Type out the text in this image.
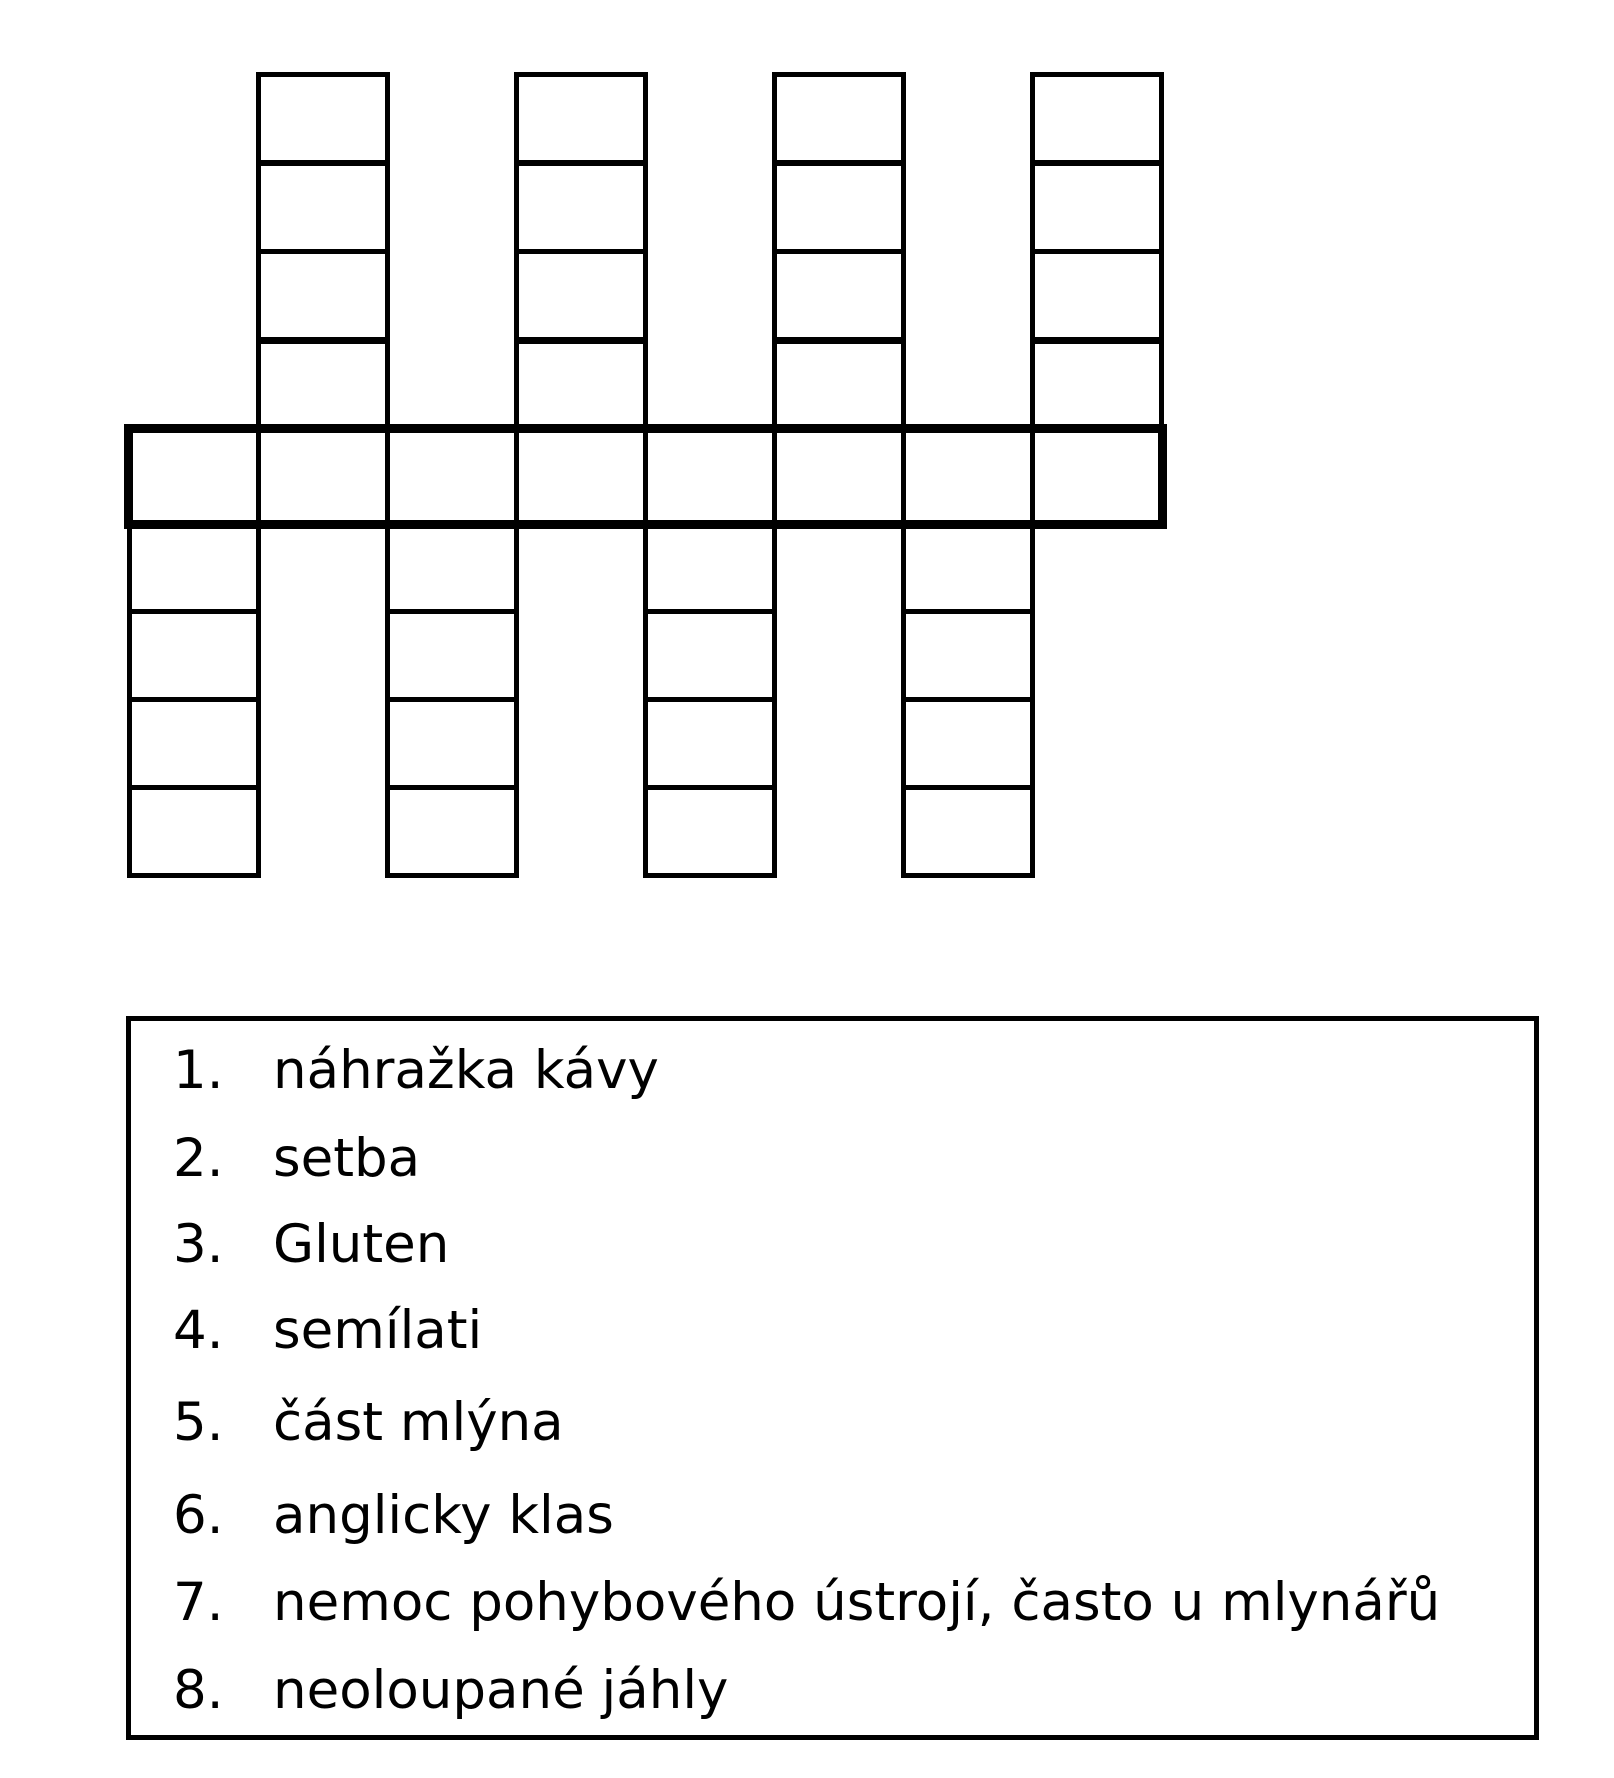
1. náhražka kávy
2. setba
3. Gluten
4. semílati
5. část mlýna
6. anglicky klas
7. nemoc pohybového ústrojí, často u mlynářů
8. neoloupané jáhly
